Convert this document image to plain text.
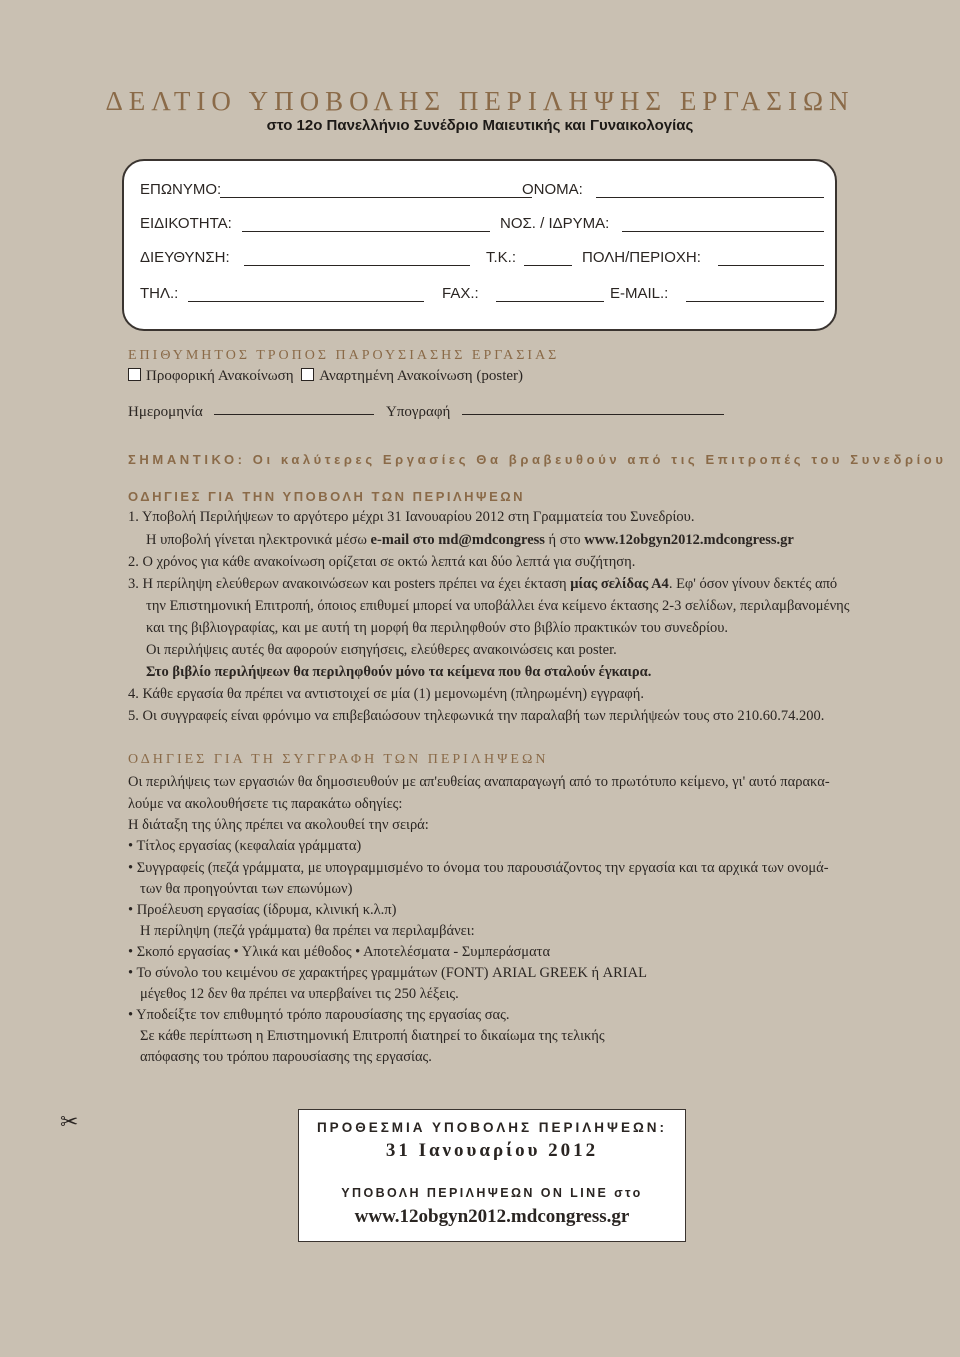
ΔΕΛΤΙΟ ΥΠΟΒΟΛΗΣ ΠΕΡΙΛΗΨΗΣ ΕΡΓΑΣΙΩΝ
στο 12ο Πανελλήνιο Συνέδριο Μαιευτικής και Γυναικολογίας
ΕΠΩΝΥΜΟ:	ΟΝΟΜΑ:
ΕΙΔΙΚΟΤΗΤΑ:	ΝΟΣ. / ΙΔΡΥΜΑ:
ΔΙΕΥΘΥΝΣΗ:	Τ.Κ.:	ΠΟΛΗ/ΠΕΡΙΟΧΗ:
ΤΗΛ.:	FAX.:	E-MAIL.:
ΕΠΙΘΥΜΗΤΟΣ ΤΡΟΠΟΣ ΠΑΡΟΥΣΙΑΣΗΣ ΕΡΓΑΣΙΑΣ
Προφορική Ανακοίνωση Αναρτημένη Ανακοίνωση (poster)
Ημερομηνία	Υπογραφή
ΣΗΜΑΝΤΙΚΟ: Οι καλύτερες Εργασίες Θα βραβευθούν από τις Επιτροπές του Συνεδρίου
ΟΔΗΓΙΕΣ ΓΙΑ ΤΗΝ ΥΠΟΒΟΛΗ ΤΩΝ ΠΕΡΙΛΗΨΕΩΝ
1. Υποβολή Περιλήψεων το αργότερο μέχρι 31 Ιανουαρίου 2012 στη Γραμματεία του Συνεδρίου.
Η υποβολή γίνεται ηλεκτρονικά μέσω e-mail στο md@mdcongress ή στο www.12obgyn2012.mdcongress.gr
2. Ο χρόνος για κάθε ανακοίνωση ορίζεται σε οκτώ λεπτά και δύο λεπτά για συζήτηση.
3. Η περίληψη ελεύθερων ανακοινώσεων και posters πρέπει να έχει έκταση μίας σελίδας Α4. Εφ' όσον γίνουν δεκτές από
την Επιστημονική Επιτροπή, όποιος επιθυμεί μπορεί να υποβάλλει ένα κείμενο έκτασης 2-3 σελίδων, περιλαμβανομένης
και της βιβλιογραφίας, και με αυτή τη μορφή θα περιληφθούν στο βιβλίο πρακτικών του συνεδρίου.
Οι περιλήψεις αυτές θα αφορούν εισηγήσεις, ελεύθερες ανακοινώσεις και poster.
Στο βιβλίο περιλήψεων θα περιληφθούν μόνο τα κείμενα που θα σταλούν έγκαιρα.
4. Κάθε εργασία θα πρέπει να αντιστοιχεί σε μία (1) μεμονωμένη (πληρωμένη) εγγραφή.
5. Οι συγγραφείς είναι φρόνιμο να επιβεβαιώσουν τηλεφωνικά την παραλαβή των περιλήψεών τους στο 210.60.74.200.
ΟΔΗΓΙΕΣ ΓΙΑ ΤΗ ΣΥΓΓΡΑΦΗ ΤΩΝ ΠΕΡΙΛΗΨΕΩΝ
Οι περιλήψεις των εργασιών θα δημοσιευθούν με απ'ευθείας αναπαραγωγή από το πρωτότυπο κείμενο, γι' αυτό παρακα-
λούμε να ακολουθήσετε τις παρακάτω οδηγίες:
Η διάταξη της ύλης πρέπει να ακολουθεί την σειρά:
• Τίτλος εργασίας (κεφαλαία γράμματα)
• Συγγραφείς (πεζά γράμματα, με υπογραμμισμένο το όνομα του παρουσιάζοντος την εργασία και τα αρχικά των ονομά-
των θα προηγούνται των επωνύμων)
• Προέλευση εργασίας (ίδρυμα, κλινική κ.λ.π)
Η περίληψη (πεζά γράμματα) θα πρέπει να περιλαμβάνει:
• Σκοπό εργασίας • Υλικά και μέθοδος • Αποτελέσματα - Συμπεράσματα
• Το σύνολο του κειμένου σε χαρακτήρες γραμμάτων (FONT) ARIAL GREEK ή ARIAL
μέγεθος 12 δεν θα πρέπει να υπερβαίνει τις 250 λέξεις.
• Υποδείξτε τον επιθυμητό τρόπο παρουσίασης της εργασίας σας.
Σε κάθε περίπτωση η Επιστημονική Επιτροπή διατηρεί το δικαίωμα της τελικής
απόφασης του τρόπου παρουσίασης της εργασίας.
✂	ΠΡΟΘΕΣΜΙΑ ΥΠΟΒΟΛΗΣ ΠΕΡΙΛΗΨΕΩΝ:
31 Ιανουαρίου 2012
ΥΠΟΒΟΛΗ ΠΕΡΙΛΗΨΕΩΝ ON LINE στο
www.12obgyn2012.mdcongress.gr
